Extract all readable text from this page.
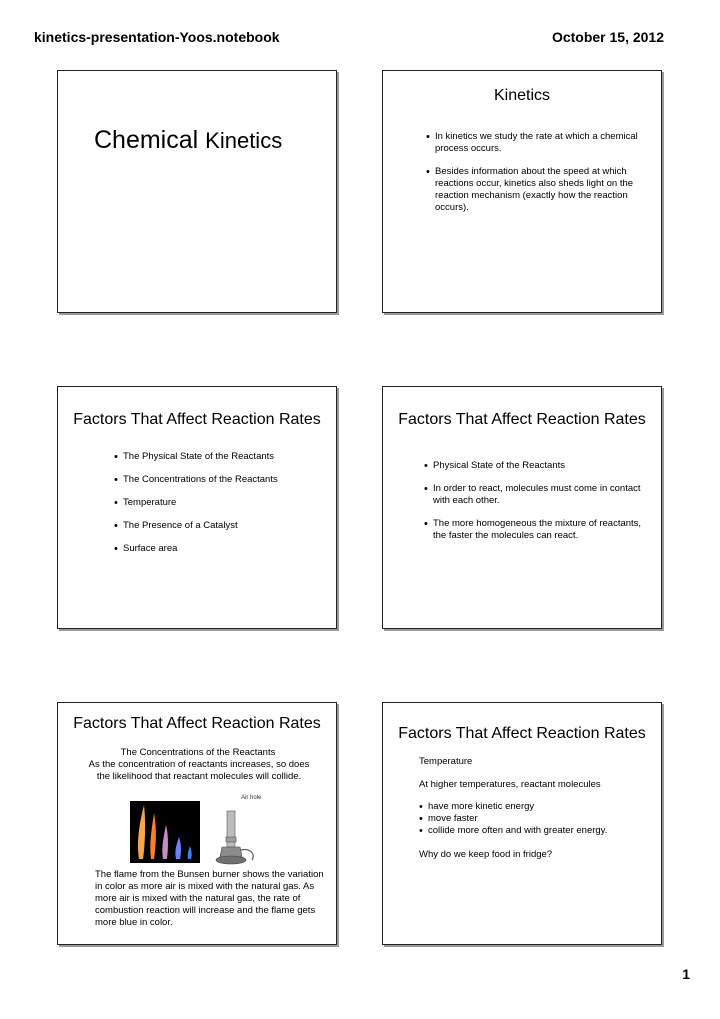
kinetics-presentation-Yoos.notebook	October 15, 2012
Chemical Kinetics
Kinetics
• In kinetics we study the rate at which a chemical process occurs.
• Besides information about the speed at which reactions occur, kinetics also sheds light on the reaction mechanism (exactly how the reaction occurs).
Factors That Affect Reaction Rates
• The Physical State of the Reactants
• The Concentrations of the Reactants
• Temperature
• The Presence of a Catalyst
• Surface area
Factors That Affect Reaction Rates
• Physical State of the Reactants
• In order to react, molecules must come in contact with each other.
• The more homogeneous the mixture of reactants, the faster the molecules can react.
Factors That Affect Reaction Rates
The Concentrations of the Reactants
As the concentration of reactants increases, so does the likelihood that reactant molecules will collide.
Air hole
The flame from the Bunsen burner shows the variation in color as more air is mixed with the natural gas. As more air is mixed with the natural gas, the rate of combustion reaction will increase and the flame gets more blue in color.
Factors That Affect Reaction Rates
Temperature
At higher temperatures, reactant molecules
• have more kinetic energy
• move faster
• collide more often and with greater energy.
Why do we keep food in fridge?
1
